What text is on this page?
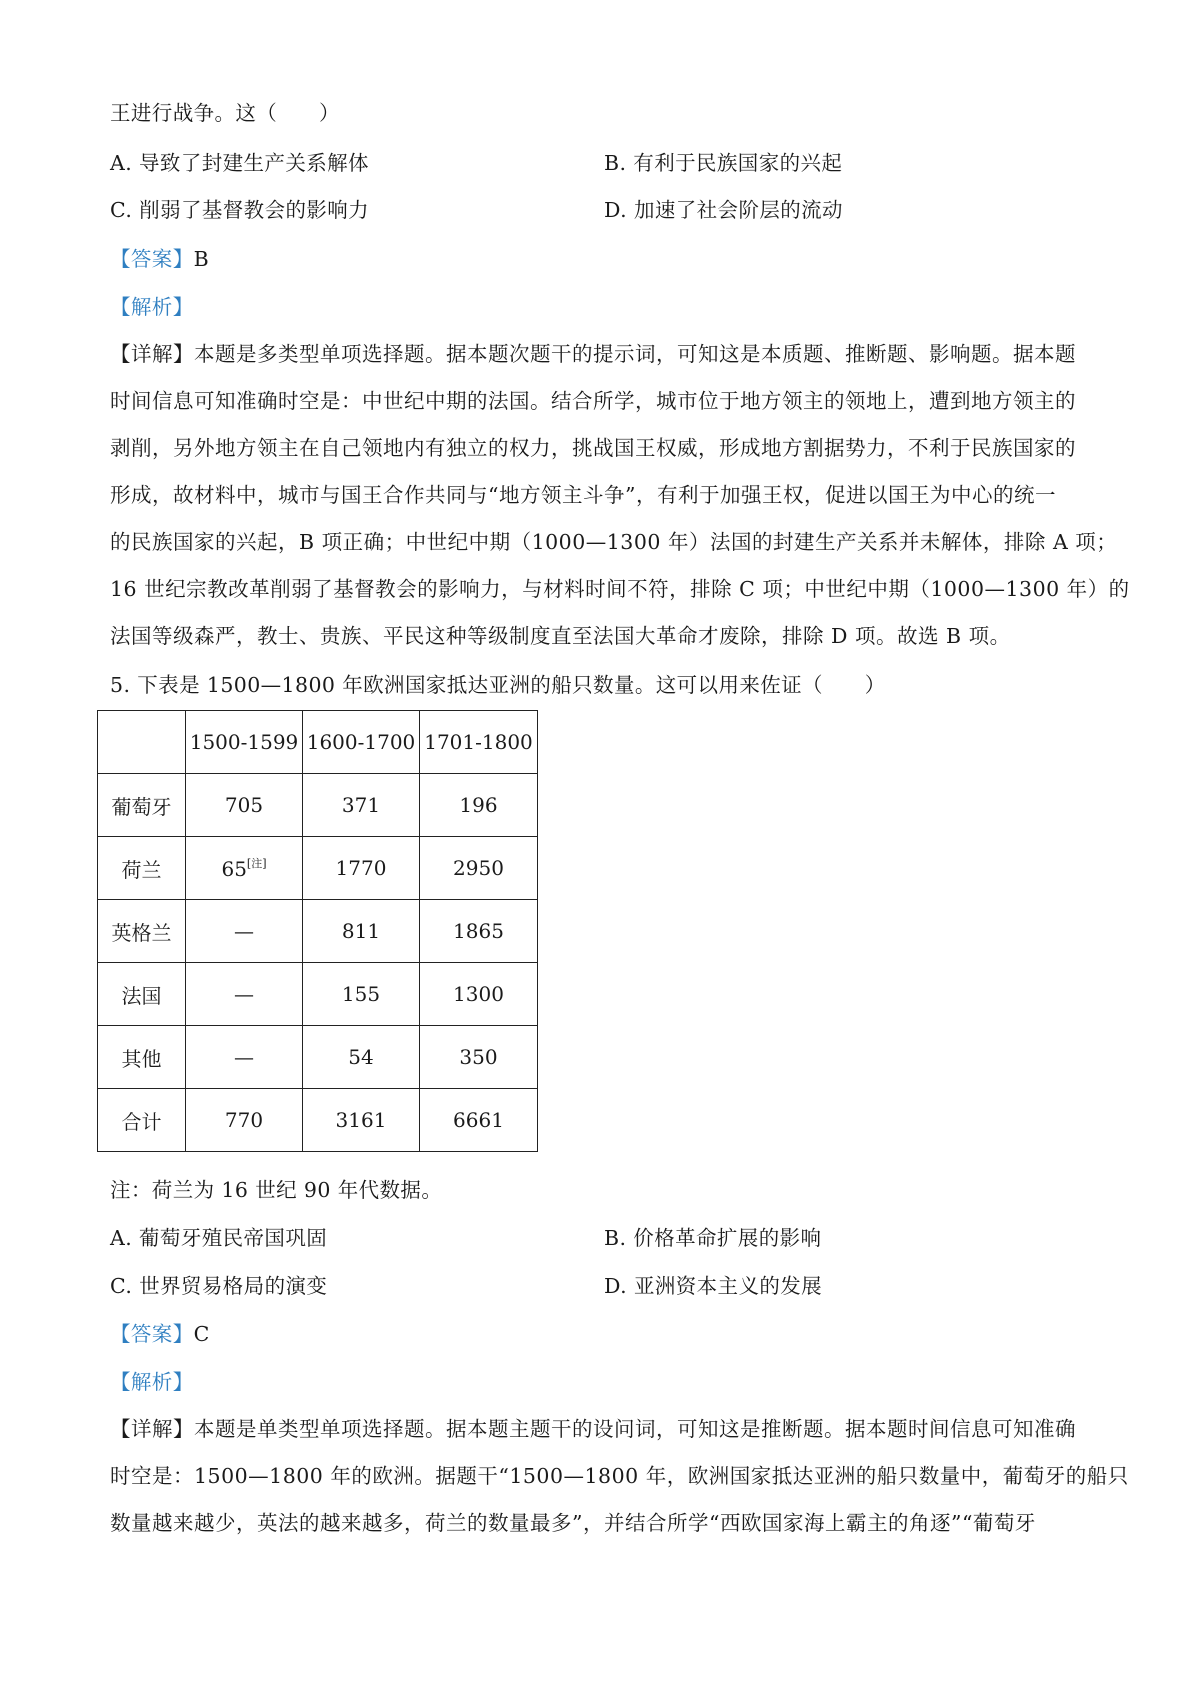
王进行战争。这（　　）
A. 导致了封建生产关系解体	B. 有利于民族国家的兴起
C. 削弱了基督教会的影响力	D. 加速了社会阶层的流动
【答案】B
【解析】
【详解】本题是多类型单项选择题。据本题次题干的提示词，可知这是本质题、推断题、影响题。据本题
时间信息可知准确时空是：中世纪中期的法国。结合所学，城市位于地方领主的领地上，遭到地方领主的
剥削，另外地方领主在自己领地内有独立的权力，挑战国王权威，形成地方割据势力，不利于民族国家的
形成，故材料中，城市与国王合作共同与“地方领主斗争”，有利于加强王权，促进以国王为中心的统一
的民族国家的兴起，B 项正确；中世纪中期（1000—1300 年）法国的封建生产关系并未解体，排除 A 项；
16 世纪宗教改革削弱了基督教会的影响力，与材料时间不符，排除 C 项；中世纪中期（1000—1300 年）的
法国等级森严，教士、贵族、平民这种等级制度直至法国大革命才废除，排除 D 项。故选 B 项。
5. 下表是 1500—1800 年欧洲国家抵达亚洲的船只数量。这可以用来佐证（　　）
	1500-1599	1600-1700	1701-1800
葡萄牙	705	371	196
荷兰	65[注]	1770	2950
英格兰	—	811	1865
法国	—	155	1300
其他	—	54	350
合计	770	3161	6661
注：荷兰为 16 世纪 90 年代数据。
A. 葡萄牙殖民帝国巩固	B. 价格革命扩展的影响
C. 世界贸易格局的演变	D. 亚洲资本主义的发展
【答案】C
【解析】
【详解】本题是单类型单项选择题。据本题主题干的设问词，可知这是推断题。据本题时间信息可知准确
时空是：1500—1800 年的欧洲。据题干“1500—1800 年，欧洲国家抵达亚洲的船只数量中，葡萄牙的船只
数量越来越少，英法的越来越多，荷兰的数量最多”，并结合所学“西欧国家海上霸主的角逐”“葡萄牙
